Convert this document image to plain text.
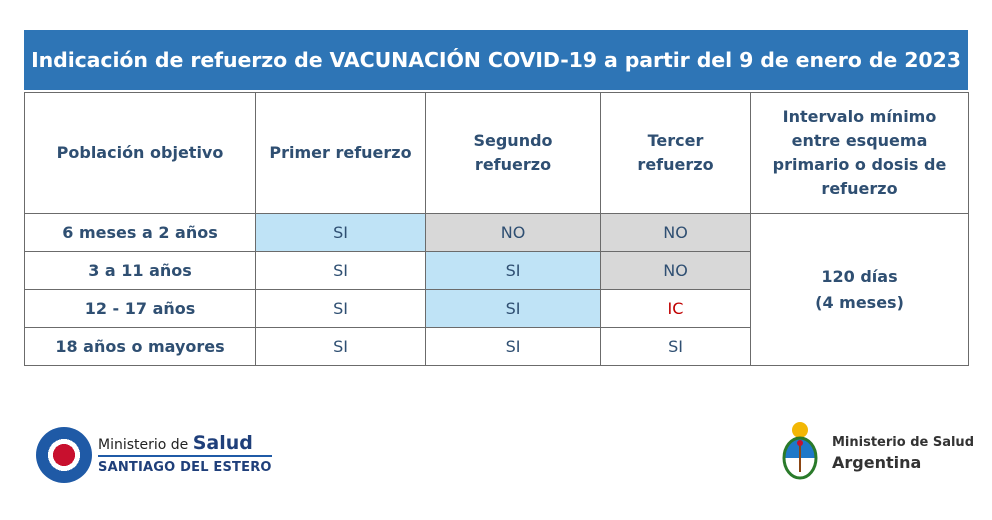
Indicación de refuerzo de VACUNACIÓN COVID-19 a partir del 9 de enero de 2023
Población objetivo	Primer refuerzo	Segundo refuerzo	Tercer refuerzo	Intervalo mínimo entre esquema primario o dosis de refuerzo
6 meses a 2 años	SI	NO	NO	120 días
(4 meses)
3 a 11 años	SI	SI	NO	
12 - 17 años	SI	SI	IC	
18 años o mayores	SI	SI	SI	
Ministerio de Salud
SANTIAGO DEL ESTERO
Ministerio de Salud
Argentina
